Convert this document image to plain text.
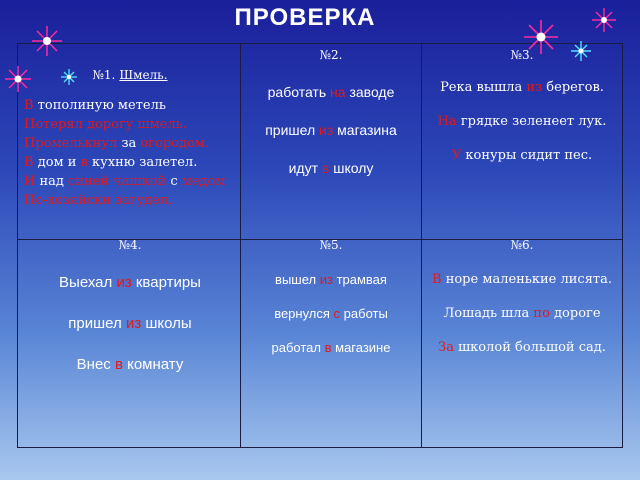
ПРОВЕРКА
№1. Шмель.
В тополиную метель
Потерял дорогу шмель.
Промелькнул за огородом.
В дом и в кухню залетел.
И над синей чашкой с медом
По-хозяйски загудел.
№2.
работать на заводе
пришел из магазина
идут в школу
№3.
Река вышла из берегов.
На грядке зеленеет лук.
У конуры сидит пес.
№4.
Выехал из квартиры
пришел из школы
Внес в комнату
№5.
вышел из трамвая
вернулся с работы
работал в магазине
№6.
В норе маленькие лисята.
Лошадь шла по дороге
За школой большой сад.
